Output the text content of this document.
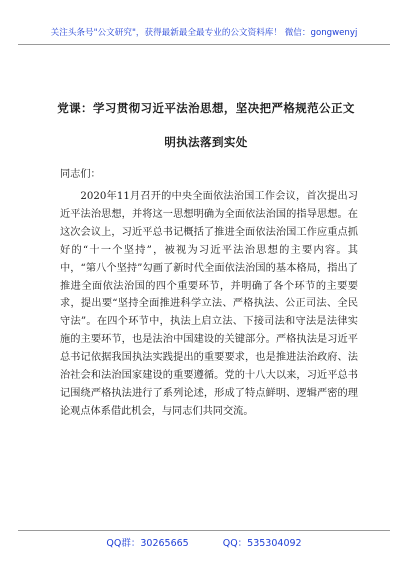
关注头条号"公文研究"，获得最新最全最专业的公文资料库！ 微信：gongwenyj
党课：学习贯彻习近平法治思想，坚决把严格规范公正文
明执法落到实处
同志们：
2020年11月召开的中央全面依法治国工作会议，首次提出习近平法治思想，并将这一思想明确为全面依法治国的指导思想。在这次会议上，习近平总书记概括了推进全面依法治国工作应重点抓好的“十一个坚持”，被视为习近平法治思想的主要内容。其中，“第八个坚持”勾画了新时代全面依法治国的基本格局，指出了推进全面依法治国的四个重要环节，并明确了各个环节的主要要求，提出要“坚持全面推进科学立法、严格执法、公正司法、全民守法”。在四个环节中，执法上启立法、下接司法和守法是法律实施的主要环节，也是法治中国建设的关键部分。严格执法是习近平总书记依据我国执法实践提出的重要要求，也是推进法治政府、法治社会和法治国家建设的重要遵循。党的十八大以来，习近平总书记围绕严格执法进行了系列论述，形成了特点鲜明、逻辑严密的理论观点体系借此机会，与同志们共同交流。
QQ群：30265665	QQ：535304092
